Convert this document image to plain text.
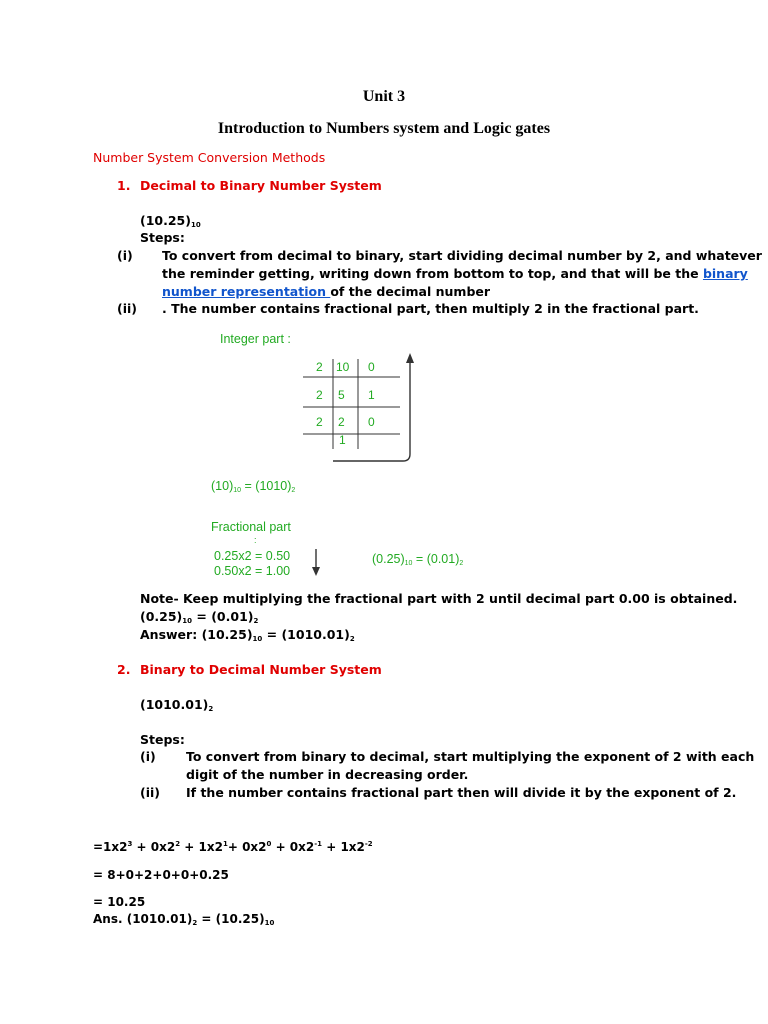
Unit 3
Introduction to Numbers system and Logic gates
Number System Conversion Methods
1. Decimal to Binary Number System
$(10.25)_{10}$
Steps:
(i) To convert from decimal to binary, start dividing decimal number by 2, and whatever
the reminder getting, writing down from bottom to top, and that will be the binary
number representation of the decimal number
(ii) . The number contains fractional part, then multiply 2 in the fractional part.
Integer part :
2 10 0
2 5 1
2 2 0
1
$(10)_{10} = (1010)_2$
Fractional part
:
0.25x2 = 0.50
0.50x2 = 1.00
$(0.25)_{10} = (0.01)_2$
Note- Keep multiplying the fractional part with 2 until decimal part 0.00 is obtained.
$(0.25)_{10} = (0.01)_2$
Answer: $(10.25)_{10} = (1010.01)_2$
2. Binary to Decimal Number System
$(1010.01)_2$
Steps:
(i) To convert from binary to decimal, start multiplying the exponent of 2 with each
digit of the number in decreasing order.
(ii) If the number contains fractional part then will divide it by the exponent of 2.
$=1x2^3 + 0x2^2 + 1x2^1+ 0x2^0 + 0x2^{-1} + 1x2^{-2}$
= 8+0+2+0+0+0.25
= 10.25
Ans. $(1010.01)_2 = (10.25)_{10}$
